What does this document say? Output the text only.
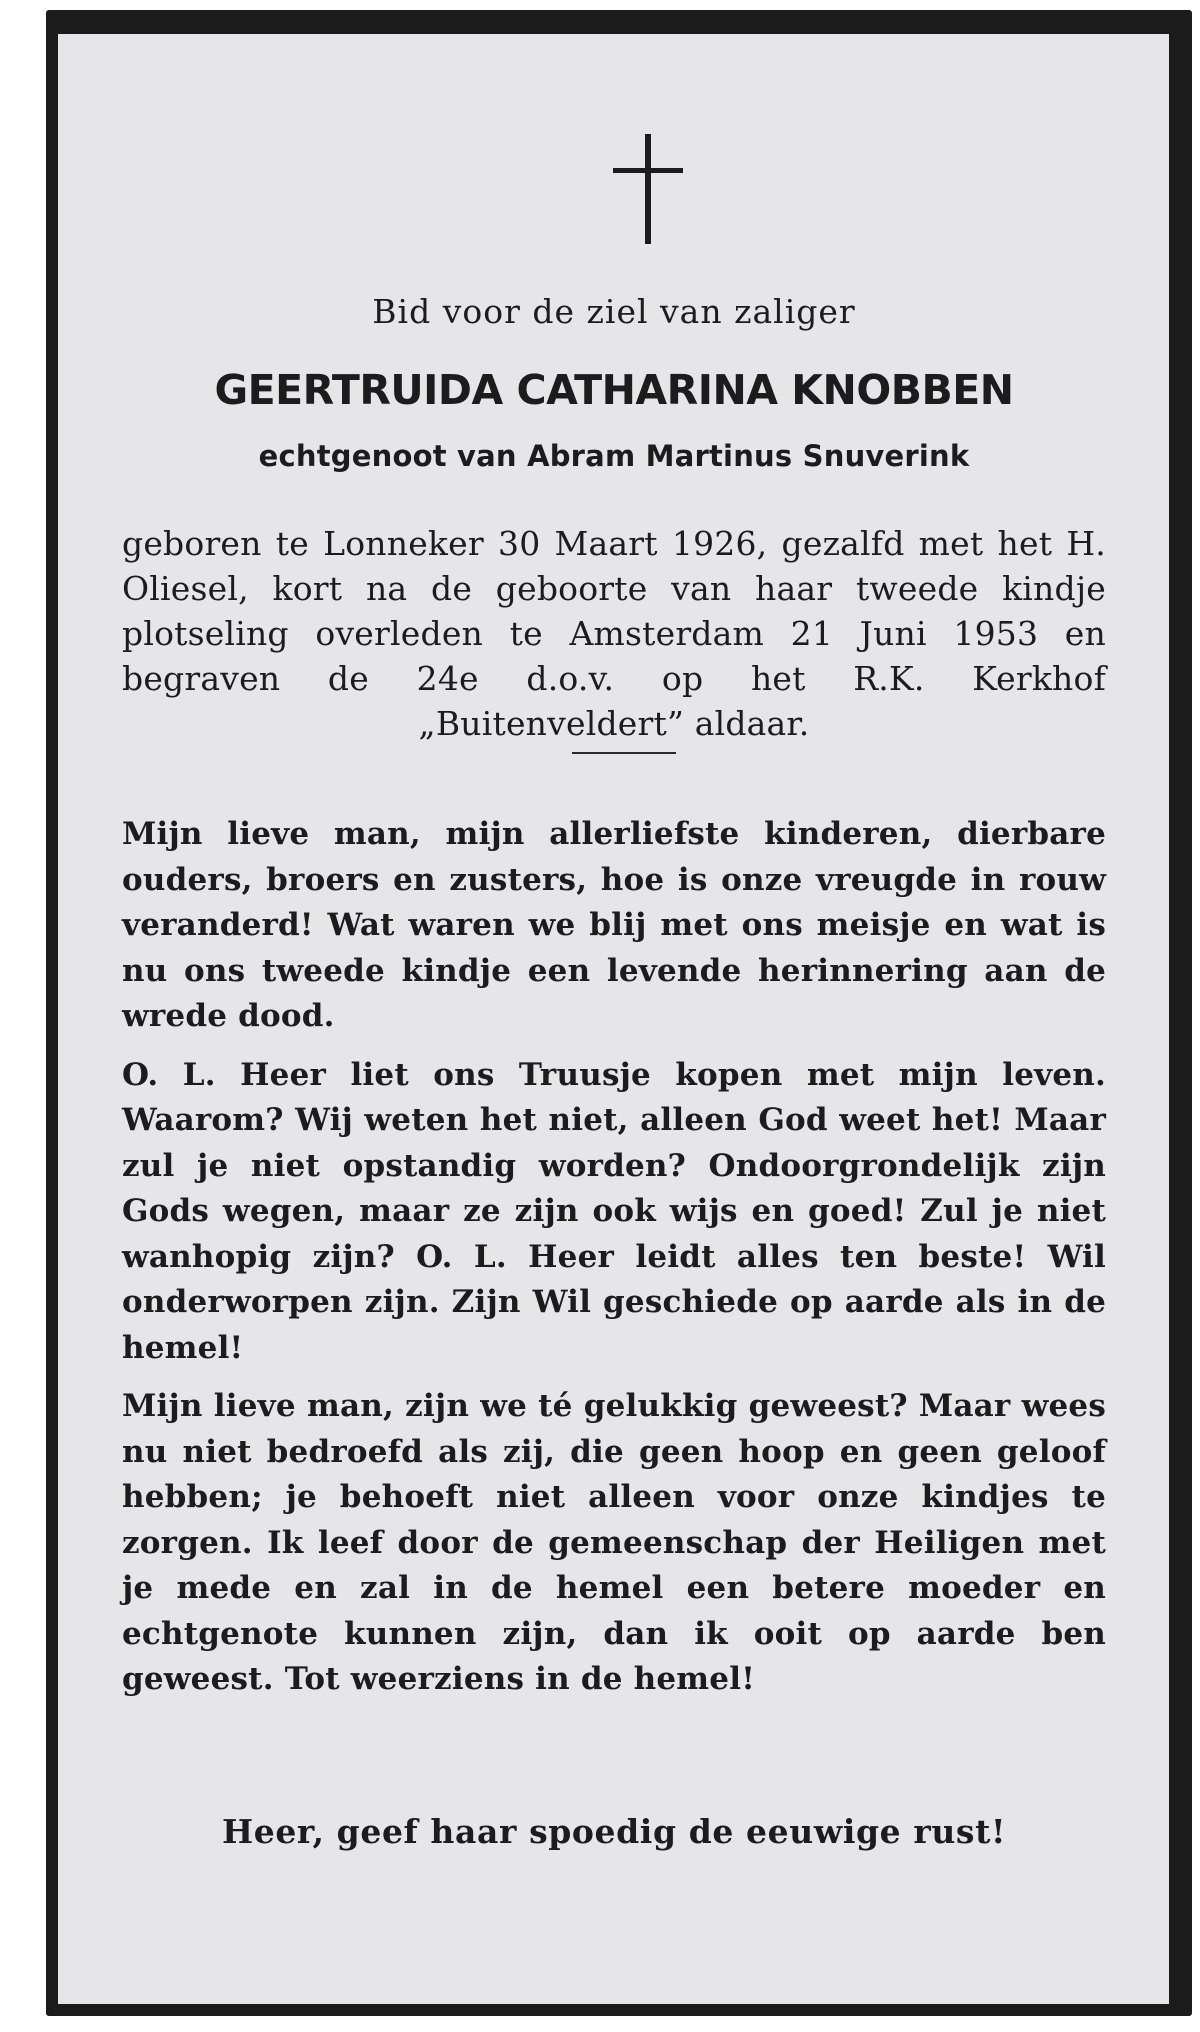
Bid voor de ziel van zaliger
GEERTRUIDA CATHARINA KNOBBEN
echtgenoot van Abram Martinus Snuverink
geboren te Lonneker 30 Maart 1926, gezalfd met het H. Oliesel, kort na de geboorte van haar tweede kindje plotseling overleden te Amsterdam 21 Juni 1953 en begraven de 24e d.o.v. op het R.K. Kerkhof „Buitenveldert” aldaar.

Mijn lieve man, mijn allerliefste kinderen, dierbare ouders, broers en zusters, hoe is onze vreugde in rouw veranderd! Wat waren we blij met ons meisje en wat is nu ons tweede kindje een levende herinnering aan de wrede dood.

O. L. Heer liet ons Truusje kopen met mijn leven. Waarom? Wij weten het niet, alleen God weet het! Maar zul je niet opstandig worden? Ondoorgrondelijk zijn Gods wegen, maar ze zijn ook wijs en goed! Zul je niet wanhopig zijn? O. L. Heer leidt alles ten beste! Wil onderworpen zijn. Zijn Wil geschiede op aarde als in de hemel!

Mijn lieve man, zijn we té gelukkig geweest? Maar wees nu niet bedroefd als zij, die geen hoop en geen geloof hebben; je behoeft niet alleen voor onze kindjes te zorgen. Ik leef door de gemeenschap der Heiligen met je mede en zal in de hemel een betere moeder en echtgenote kunnen zijn, dan ik ooit op aarde ben geweest. Tot weerziens in de hemel!

Heer, geef haar spoedig de eeuwige rust!
